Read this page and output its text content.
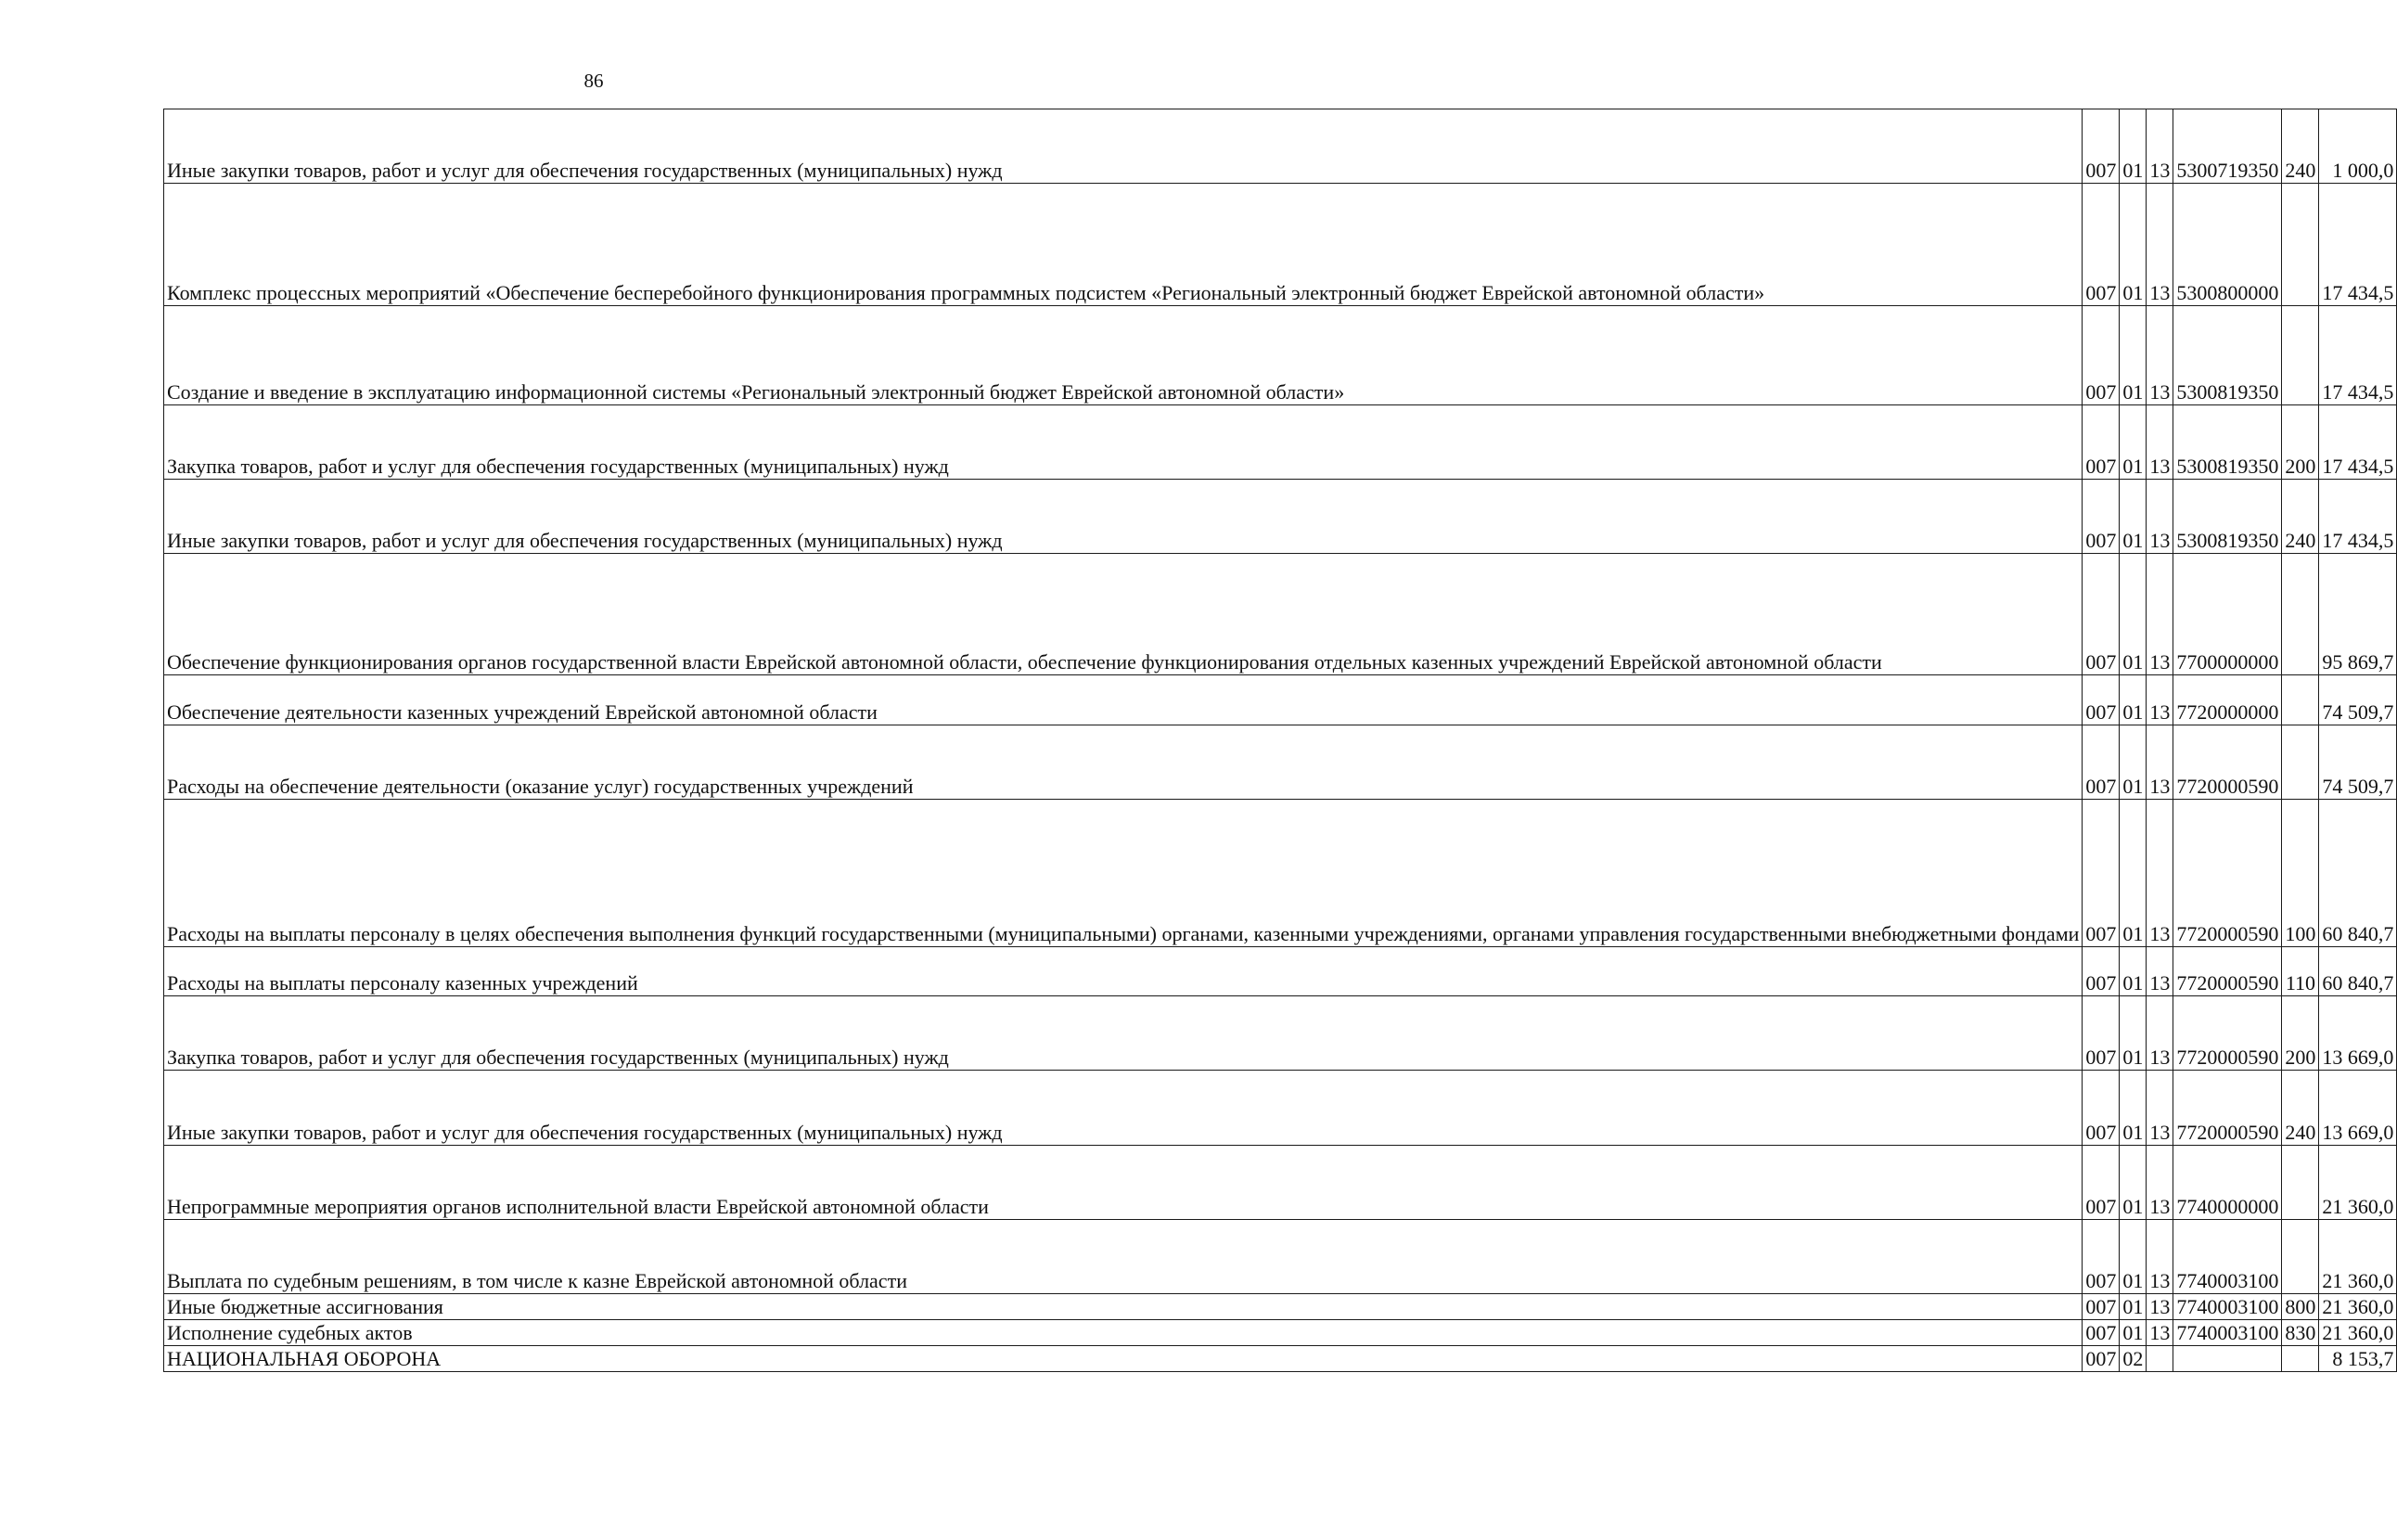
86
Иные закупки товаров, работ и услуг для обеспечения государственных (муниципальных) нужд	007	01	13	5300719350	240	1 000,0
Комплекс процессных мероприятий «Обеспечение бесперебойного функционирования программных подсистем «Региональный электронный бюджет Еврейской автономной области»	007	01	13	5300800000		17 434,5
Создание и введение в эксплуатацию информационной системы «Региональный электронный бюджет Еврейской автономной области»	007	01	13	5300819350		17 434,5
Закупка товаров, работ и услуг для обеспечения государственных (муниципальных) нужд	007	01	13	5300819350	200	17 434,5
Иные закупки товаров, работ и услуг для обеспечения государственных (муниципальных) нужд	007	01	13	5300819350	240	17 434,5
Обеспечение функционирования органов государственной власти Еврейской автономной области, обеспечение функционирования отдельных казенных учреждений Еврейской автономной области	007	01	13	7700000000		95 869,7
Обеспечение деятельности казенных учреждений Еврейской автономной области	007	01	13	7720000000		74 509,7
Расходы на обеспечение деятельности (оказание услуг) государственных учреждений	007	01	13	7720000590		74 509,7
Расходы на выплаты персоналу в целях обеспечения выполнения функций государственными (муниципальными) органами, казенными учреждениями, органами управления государственными внебюджетными фондами	007	01	13	7720000590	100	60 840,7
Расходы на выплаты персоналу казенных учреждений	007	01	13	7720000590	110	60 840,7
Закупка товаров, работ и услуг для обеспечения государственных (муниципальных) нужд	007	01	13	7720000590	200	13 669,0
Иные закупки товаров, работ и услуг для обеспечения государственных (муниципальных) нужд	007	01	13	7720000590	240	13 669,0
Непрограммные мероприятия органов исполнительной власти Еврейской автономной области	007	01	13	7740000000		21 360,0
Выплата по судебным решениям, в том числе к казне Еврейской автономной области	007	01	13	7740003100		21 360,0
Иные бюджетные ассигнования	007	01	13	7740003100	800	21 360,0
Исполнение судебных актов	007	01	13	7740003100	830	21 360,0
НАЦИОНАЛЬНАЯ ОБОРОНА	007	02				8 153,7
